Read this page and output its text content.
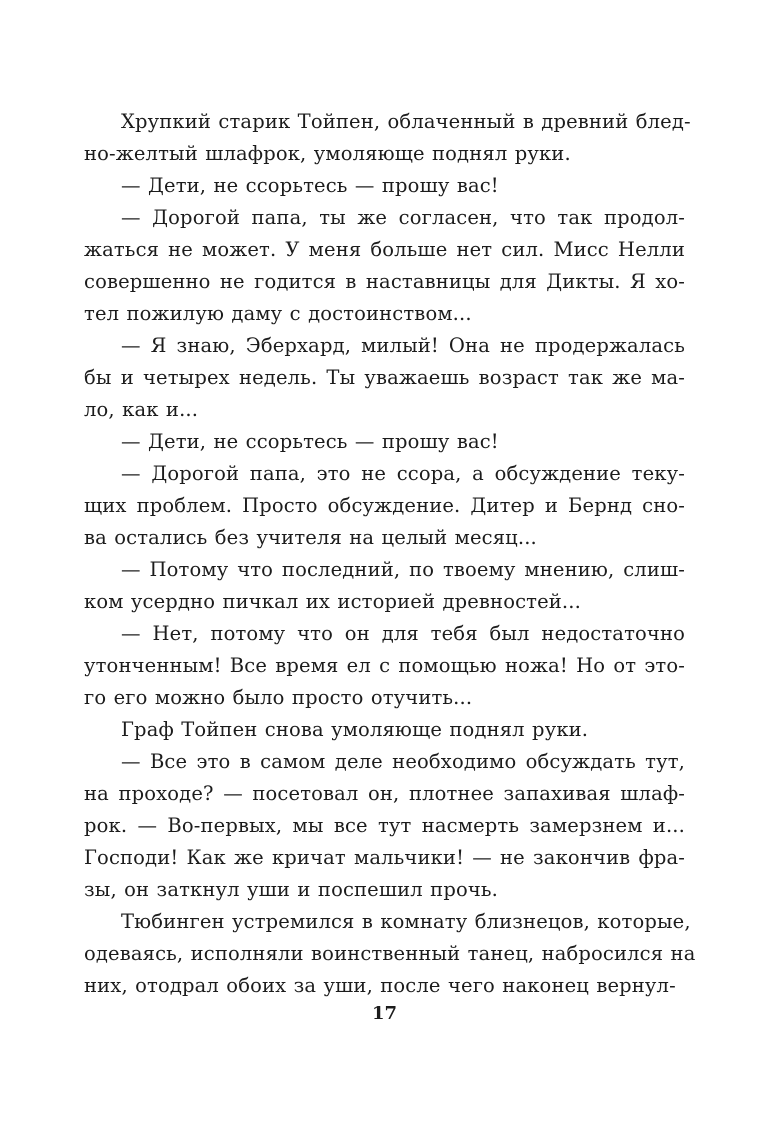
Хрупкий старик Тойпен, облаченный в древний блед-
но-желтый шлафрок, умоляюще поднял руки.
— Дети, не ссорьтесь — прошу вас!
— Дорогой папа, ты же согласен, что так продол-
жаться не может. У меня больше нет сил. Мисс Нелли
совершенно не годится в наставницы для Дикты. Я хо-
тел пожилую даму с достоинством...
— Я знаю, Эберхард, милый! Она не продержалась
бы и четырех недель. Ты уважаешь возраст так же ма-
ло, как и...
— Дети, не ссорьтесь — прошу вас!
— Дорогой папа, это не ссора, а обсуждение теку-
щих проблем. Просто обсуждение. Дитер и Бернд сно-
ва остались без учителя на целый месяц...
— Потому что последний, по твоему мнению, слиш-
ком усердно пичкал их историей древностей...
— Нет, потому что он для тебя был недостаточно
утонченным! Все время ел с помощью ножа! Но от это-
го его можно было просто отучить...
Граф Тойпен снова умоляюще поднял руки.
— Все это в самом деле необходимо обсуждать тут,
на проходе? — посетовал он, плотнее запахивая шлаф-
рок. — Во-первых, мы все тут насмерть замерзнем и...
Господи! Как же кричат мальчики! — не закончив фра-
зы, он заткнул уши и поспешил прочь.
Тюбинген устремился в комнату близнецов, которые,
одеваясь, исполняли воинственный танец, набросился на
них, отодрал обоих за уши, после чего наконец вернул-
17
